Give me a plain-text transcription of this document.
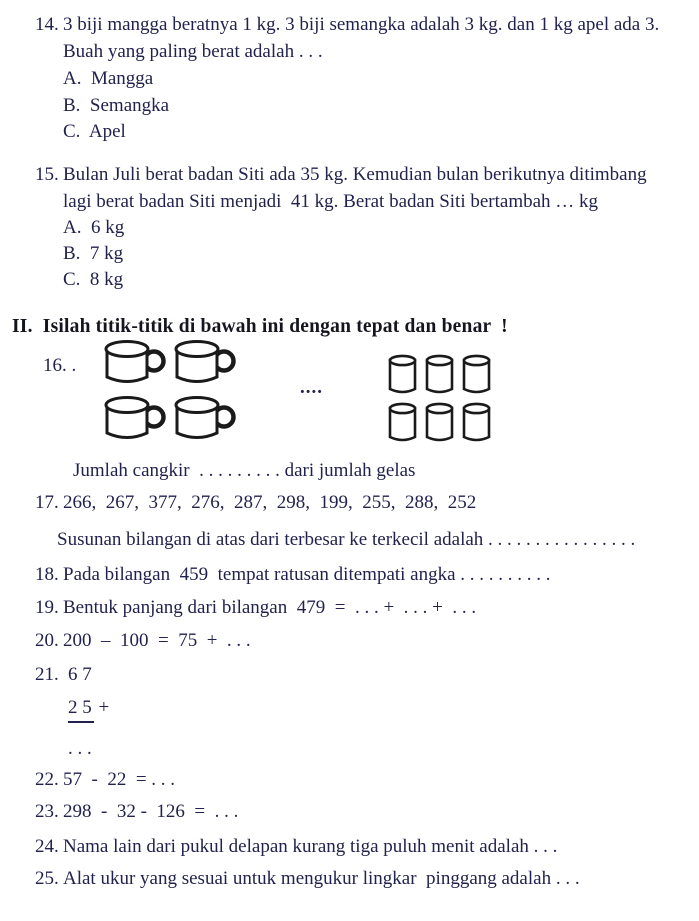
14. 3 biji mangga beratnya 1 kg. 3 biji semangka adalah 3 kg. dan 1 kg apel ada 3.
Buah yang paling berat adalah . . .
A.  Mangga
B.  Semangka
C.  Apel
15. Bulan Juli berat badan Siti ada 35 kg. Kemudian bulan berikutnya ditimbang
lagi berat badan Siti menjadi  41 kg. Berat badan Siti bertambah … kg
A.  6 kg
B.  7 kg
C.  8 kg
II.  Isilah titik-titik di bawah ini dengan tepat dan benar  !
16. .
....
Jumlah cangkir  . . . . . . . . . dari jumlah gelas
17. 266,  267,  377,  276,  287,  298,  199,  255,  288,  252
Susunan bilangan di atas dari terbesar ke terkecil adalah . . . . . . . . . . . . . . . .
18. Pada bilangan  459  tempat ratusan ditempati angka . . . . . . . . . .
19. Bentuk panjang dari bilangan  479  =  . . . +  . . . +  . . .
20. 200  –  100  =  75  +  . . .
21. 6 7
2 5 +
. . .
22. 57  -  22  = . . .
23. 298  -  32 -  126  =  . . .
24. Nama lain dari pukul delapan kurang tiga puluh menit adalah . . .
25. Alat ukur yang sesuai untuk mengukur lingkar  pinggang adalah . . .
